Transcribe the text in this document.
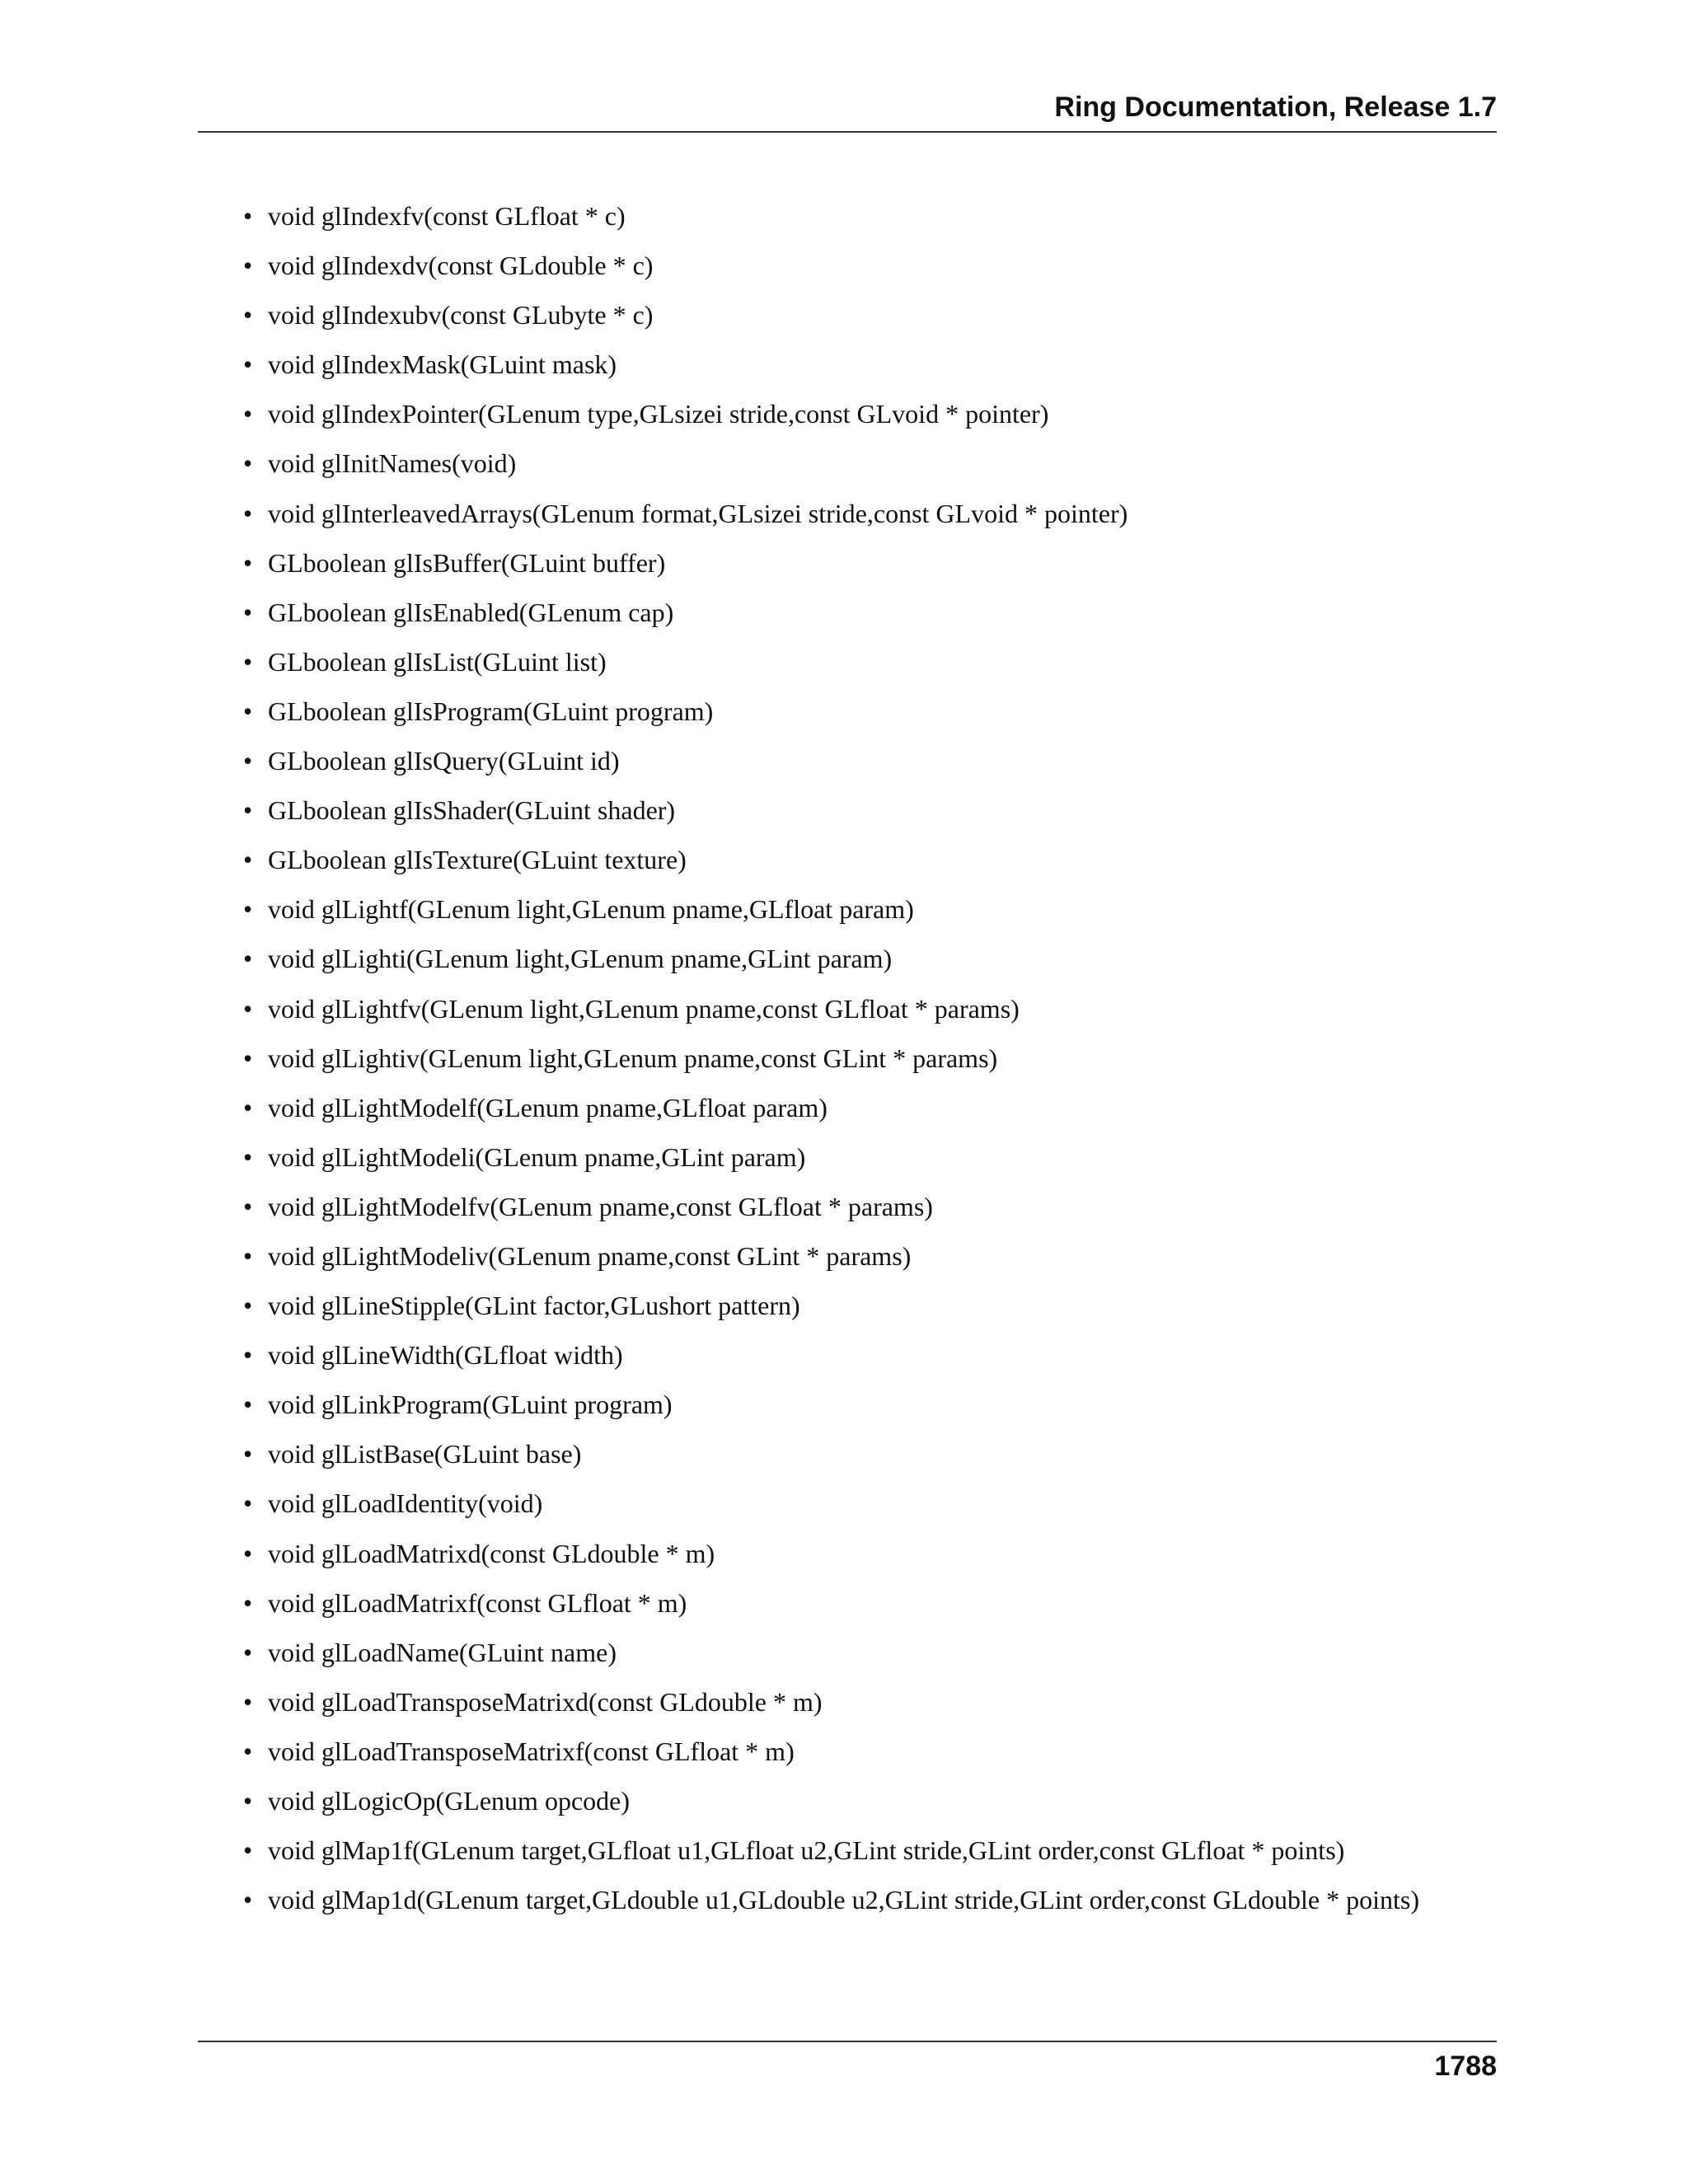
Ring Documentation, Release 1.7
• void glIndexfv(const GLfloat * c)
• void glIndexdv(const GLdouble * c)
• void glIndexubv(const GLubyte * c)
• void glIndexMask(GLuint mask)
• void glIndexPointer(GLenum type,GLsizei stride,const GLvoid * pointer)
• void glInitNames(void)
• void glInterleavedArrays(GLenum format,GLsizei stride,const GLvoid * pointer)
• GLboolean glIsBuffer(GLuint buffer)
• GLboolean glIsEnabled(GLenum cap)
• GLboolean glIsList(GLuint list)
• GLboolean glIsProgram(GLuint program)
• GLboolean glIsQuery(GLuint id)
• GLboolean glIsShader(GLuint shader)
• GLboolean glIsTexture(GLuint texture)
• void glLightf(GLenum light,GLenum pname,GLfloat param)
• void glLighti(GLenum light,GLenum pname,GLint param)
• void glLightfv(GLenum light,GLenum pname,const GLfloat * params)
• void glLightiv(GLenum light,GLenum pname,const GLint * params)
• void glLightModelf(GLenum pname,GLfloat param)
• void glLightModeli(GLenum pname,GLint param)
• void glLightModelfv(GLenum pname,const GLfloat * params)
• void glLightModeliv(GLenum pname,const GLint * params)
• void glLineStipple(GLint factor,GLushort pattern)
• void glLineWidth(GLfloat width)
• void glLinkProgram(GLuint program)
• void glListBase(GLuint base)
• void glLoadIdentity(void)
• void glLoadMatrixd(const GLdouble * m)
• void glLoadMatrixf(const GLfloat * m)
• void glLoadName(GLuint name)
• void glLoadTransposeMatrixd(const GLdouble * m)
• void glLoadTransposeMatrixf(const GLfloat * m)
• void glLogicOp(GLenum opcode)
• void glMap1f(GLenum target,GLfloat u1,GLfloat u2,GLint stride,GLint order,const GLfloat * points)
• void glMap1d(GLenum target,GLdouble u1,GLdouble u2,GLint stride,GLint order,const GLdouble * points)
1788
